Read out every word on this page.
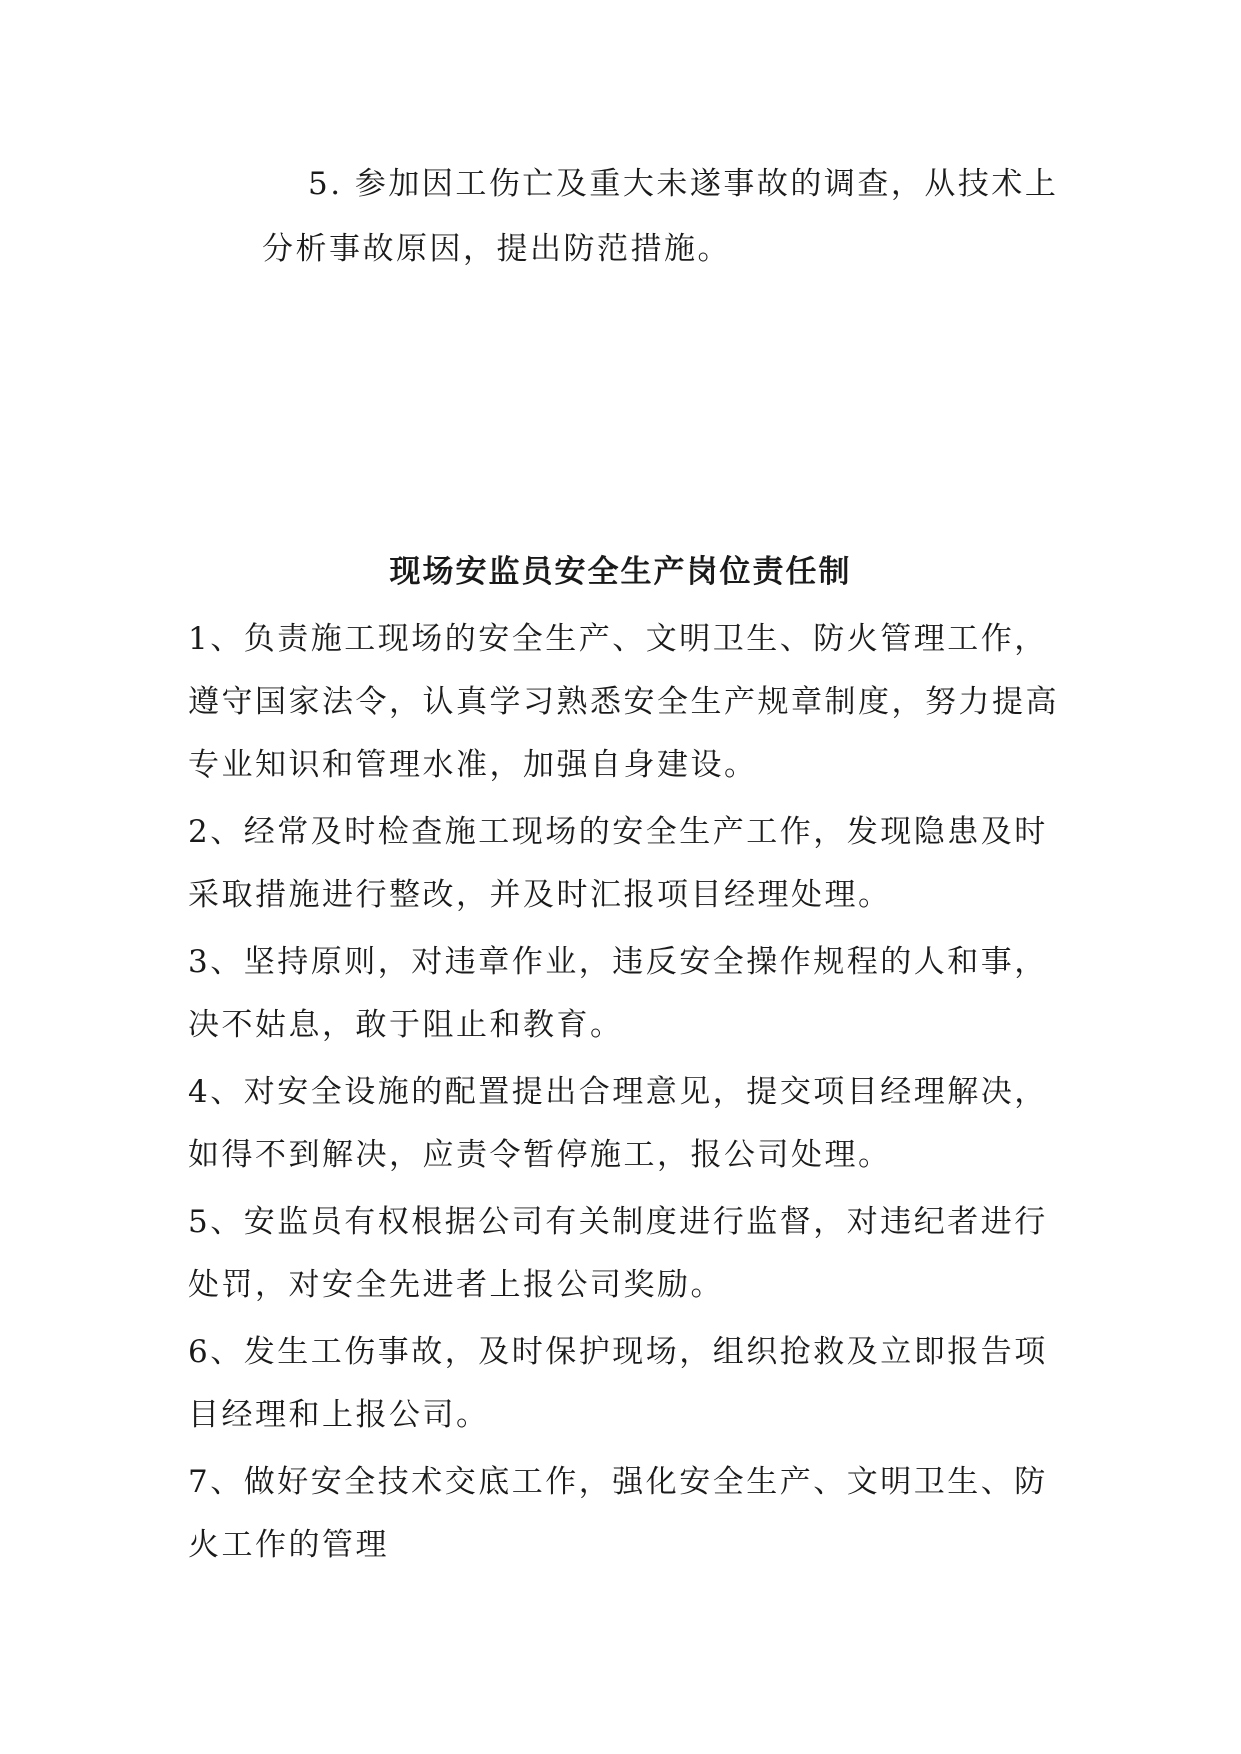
5. 参加因工伤亡及重大未遂事故的调查，从技术上
分析事故原因，提出防范措施。
现场安监员安全生产岗位责任制
1、负责施工现场的安全生产、文明卫生、防火管理工作，
遵守国家法令，认真学习熟悉安全生产规章制度，努力提高
专业知识和管理水准，加强自身建设。
2、经常及时检查施工现场的安全生产工作，发现隐患及时
采取措施进行整改，并及时汇报项目经理处理。
3、坚持原则，对违章作业，违反安全操作规程的人和事，
决不姑息，敢于阻止和教育。
4、对安全设施的配置提出合理意见，提交项目经理解决，
如得不到解决，应责令暂停施工，报公司处理。
5、安监员有权根据公司有关制度进行监督，对违纪者进行
处罚，对安全先进者上报公司奖励。
6、发生工伤事故，及时保护现场，组织抢救及立即报告项
目经理和上报公司。
7、做好安全技术交底工作，强化安全生产、文明卫生、防
火工作的管理
